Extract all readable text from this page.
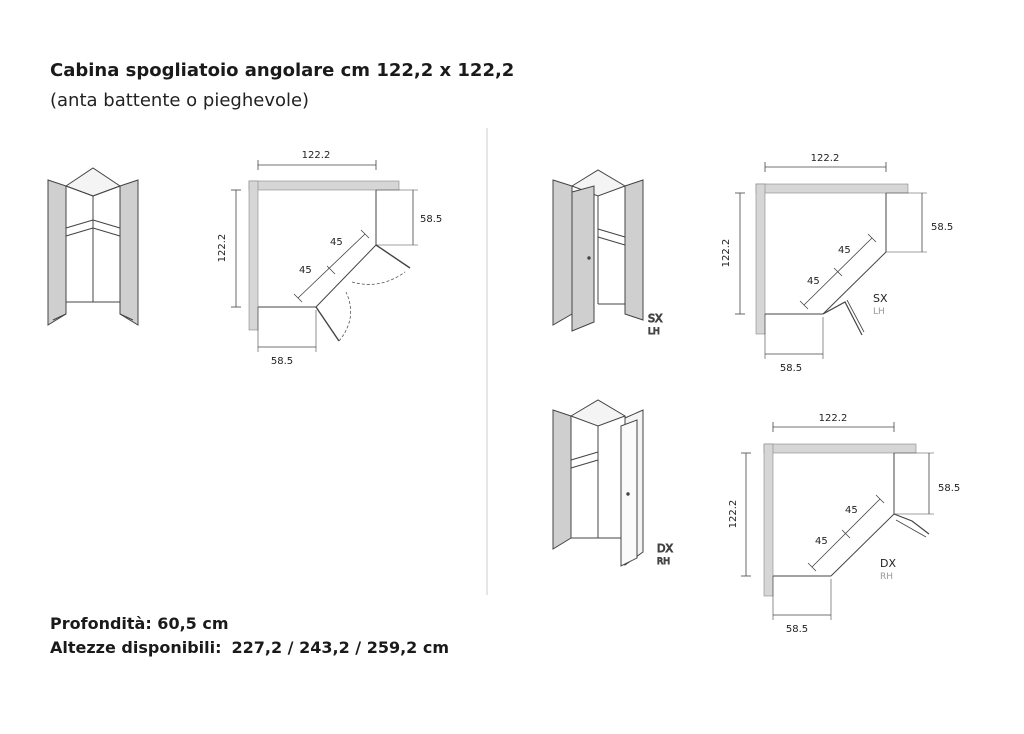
Cabina spogliatoio angolare cm 122,2 x 122,2
(anta battente o pieghevole)
122.2
122.2
58.5
58.5
45
45
SX
LH
122.2
122.2
58.5
58.5
45
45
SX
LH
DX
RH
122.2
122.2
58.5
58.5
45
45
DX
RH
Profondità: 60,5 cm
Altezze disponibili: 227,2 / 243,2 / 259,2 cm
